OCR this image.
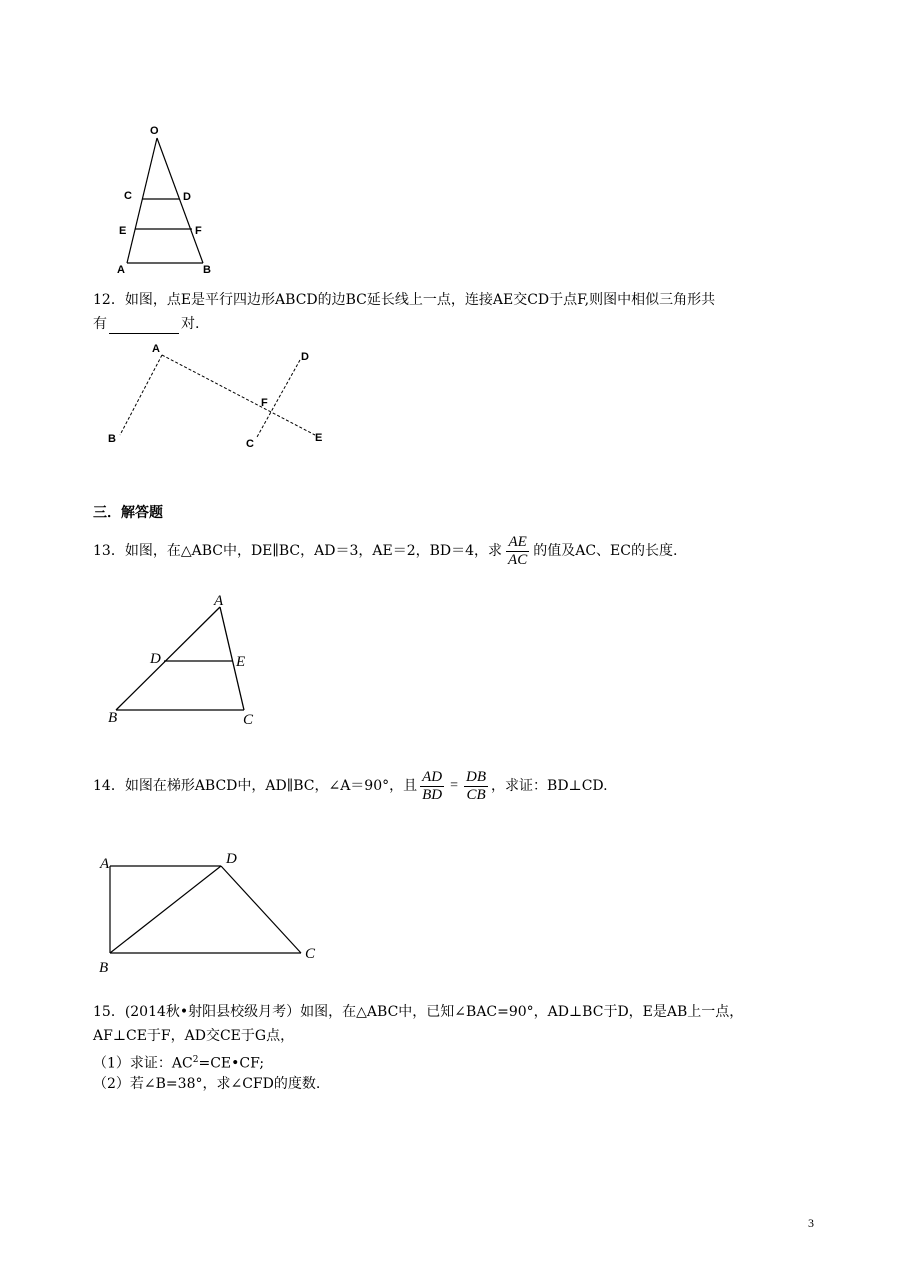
O
C	D
E	F
A	B
12．如图，点E是平行四边形ABCD的边BC延长线上一点，连接AE交CD于点F,则图中相似三角形共
有	对.
A
B	C
D
E
F
三．解答题
13．如图，在△ABC中，DE∥BC，AD＝3，AE＝2，BD＝4，求 $\frac{AE}{AC}$ 的值及AC、EC的长度.
A
D	E
B	C
14．如图在梯形ABCD中，AD∥BC，∠A＝90°，且 $\frac{AD}{BD} = \frac{DB}{CB}$ ，求证：BD⊥CD.
A	D
B
C
15．(2014秋•射阳县校级月考）如图，在△ABC中，已知∠BAC=90°，AD⊥BC于D，E是AB上一点，
AF⊥CE于F，AD交CE于G点，
（1）求证：$AC^2=CE•CF$;
（2）若∠B=38°，求∠CFD的度数.
3
